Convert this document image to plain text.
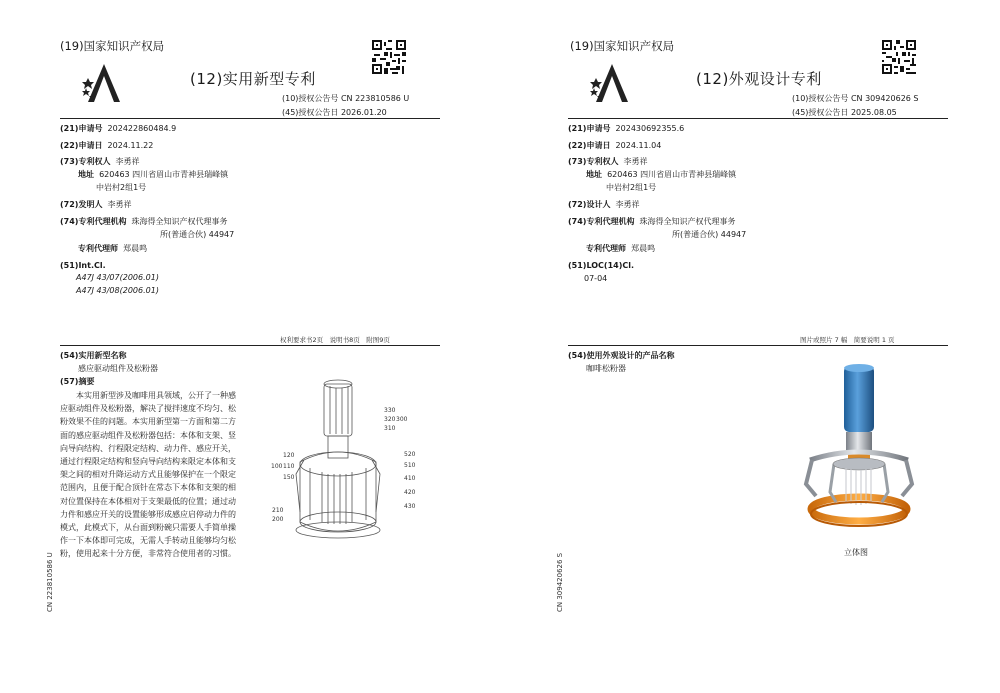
(19)国家知识产权局
(12)实用新型专利
(10)授权公告号 CN 223810586 U
(45)授权公告日 2026.01.20
(21)申请号 202422860484.9
(22)申请日 2024.11.22
(73)专利权人 李勇祥
地址 620463 四川省眉山市青神县瑞峰镇
中岩村2组1号
(72)发明人 李勇祥
(74)专利代理机构 珠海得全知识产权代理事务
所(普通合伙) 44947
专利代理师 郑晨鸣
(51)Int.Cl.
A47J 43/07(2006.01)
A47J 43/08(2006.01)
权利要求书2页　说明书8页　附图9页
(54)实用新型名称
感应驱动组件及松粉器
(57)摘要
本实用新型涉及咖啡用具领域，公开了一种感应驱动组件及松粉器，解决了搅拌速度不均匀、松粉效果不佳的问题。本实用新型第一方面和第二方面的感应驱动组件及松粉器包括：本体和支架、竖向导向结构、行程限定结构、动力件、感应开关，通过行程限定结构和竖向导向结构来限定本体和支架之间的相对升降运动方式且能够保护在一个限定范围内，且便于配合顶针在常态下本体和支架的相对位置保持在本体相对于支架最低的位置；通过动力件和感应开关的设置能够形成感应启停动力件的模式，此模式下，从台面到粉碗只需要人手简单操作一下本体即可完成，无需人手转动且能够均匀松粉，使用起来十分方便，非常符合使用者的习惯。
120
110
100
150
210
200
330
320
310
300
520
510
410
420
430
CN 223810586 U
(19)国家知识产权局
(12)外观设计专利
(10)授权公告号 CN 309420626 S
(45)授权公告日 2025.08.05
(21)申请号 202430692355.6
(22)申请日 2024.11.04
(73)专利权人 李勇祥
地址 620463 四川省眉山市青神县瑞峰镇
中岩村2组1号
(72)设计人 李勇祥
(74)专利代理机构 珠海得全知识产权代理事务
所(普通合伙) 44947
专利代理师 郑晨鸣
(51)LOC(14)Cl.
07-04
图片或照片 7 幅　简要说明 1 页
(54)使用外观设计的产品名称
咖啡松粉器
立体图
CN 309420626 S
